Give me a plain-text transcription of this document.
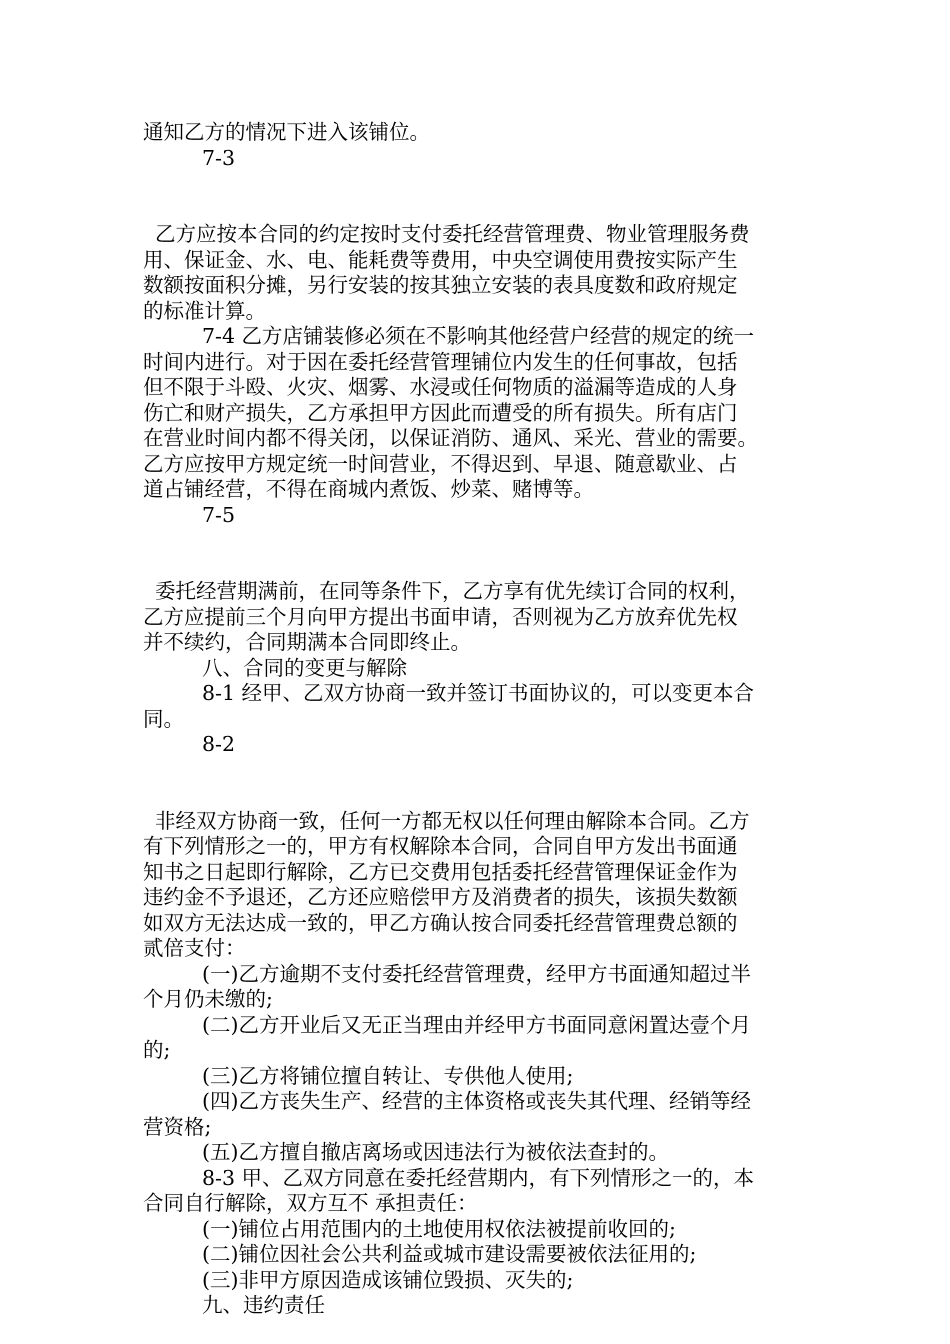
通知乙方的情况下进入该铺位。
7-3
乙方应按本合同的约定按时支付委托经营管理费、物业管理服务费
用、保证金、水、电、能耗费等费用，中央空调使用费按实际产生
数额按面积分摊，另行安装的按其独立安装的表具度数和政府规定
的标准计算。
7-4 乙方店铺装修必须在不影响其他经营户经营的规定的统一
时间内进行。对于因在委托经营管理铺位内发生的任何事故，包括
但不限于斗殴、火灾、烟雾、水浸或任何物质的溢漏等造成的人身
伤亡和财产损失，乙方承担甲方因此而遭受的所有损失。所有店门
在营业时间内都不得关闭，以保证消防、通风、采光、营业的需要。
乙方应按甲方规定统一时间营业，不得迟到、早退、随意歇业、占
道占铺经营，不得在商城内煮饭、炒菜、赌博等。
7-5
委托经营期满前，在同等条件下，乙方享有优先续订合同的权利，
乙方应提前三个月向甲方提出书面申请，否则视为乙方放弃优先权
并不续约，合同期满本合同即终止。
八、合同的变更与解除
8-1 经甲、乙双方协商一致并签订书面协议的，可以变更本合
同。
8-2
非经双方协商一致，任何一方都无权以任何理由解除本合同。乙方
有下列情形之一的，甲方有权解除本合同，合同自甲方发出书面通
知书之日起即行解除，乙方已交费用包括委托经营管理保证金作为
违约金不予退还，乙方还应赔偿甲方及消费者的损失，该损失数额
如双方无法达成一致的，甲乙方确认按合同委托经营管理费总额的
贰倍支付：
(一)乙方逾期不支付委托经营管理费，经甲方书面通知超过半
个月仍未缴的;
(二)乙方开业后又无正当理由并经甲方书面同意闲置达壹个月
的;
(三)乙方将铺位擅自转让、专供他人使用;
(四)乙方丧失生产、经营的主体资格或丧失其代理、经销等经
营资格;
(五)乙方擅自撤店离场或因违法行为被依法查封的。
8-3 甲、乙双方同意在委托经营期内，有下列情形之一的，本
合同自行解除，双方互不 承担责任：
(一)铺位占用范围内的土地使用权依法被提前收回的;
(二)铺位因社会公共利益或城市建设需要被依法征用的;
(三)非甲方原因造成该铺位毁损、灭失的;
九、违约责任
